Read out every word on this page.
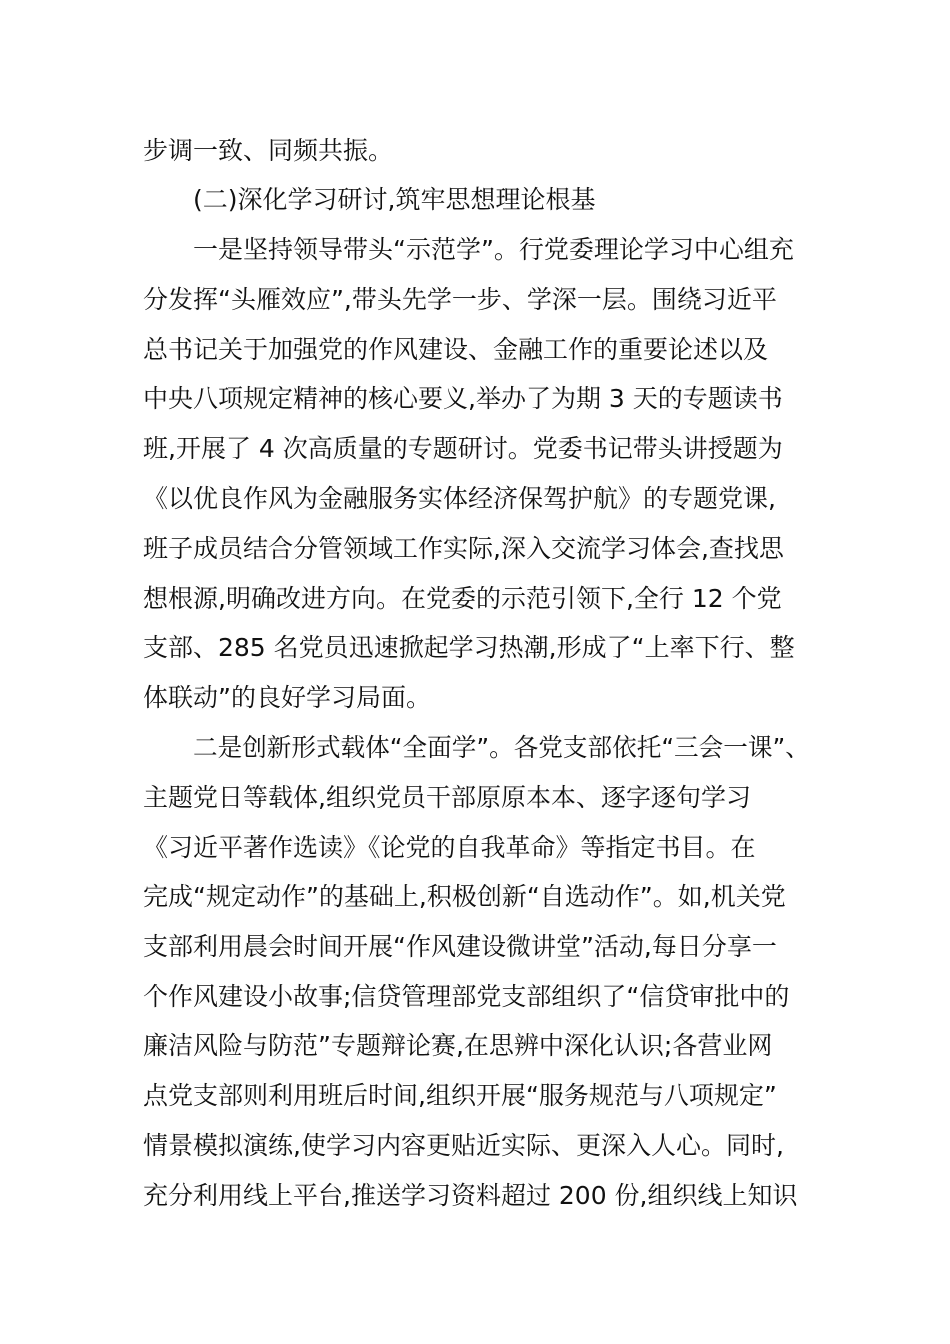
步调一致、同频共振。
(二)深化学习研讨,筑牢思想理论根基
一是坚持领导带头“示范学”。行党委理论学习中心组充
分发挥“头雁效应”,带头先学一步、学深一层。围绕习近平
总书记关于加强党的作风建设、金融工作的重要论述以及
中央八项规定精神的核心要义,举办了为期 3 天的专题读书
班,开展了 4 次高质量的专题研讨。党委书记带头讲授题为
《以优良作风为金融服务实体经济保驾护航》的专题党课,
班子成员结合分管领域工作实际,深入交流学习体会,查找思
想根源,明确改进方向。在党委的示范引领下,全行 12 个党
支部、285 名党员迅速掀起学习热潮,形成了“上率下行、整
体联动”的良好学习局面。
二是创新形式载体“全面学”。各党支部依托“三会一课”、
主题党日等载体,组织党员干部原原本本、逐字逐句学习
《习近平著作选读》《论党的自我革命》等指定书目。在
完成“规定动作”的基础上,积极创新“自选动作”。如,机关党
支部利用晨会时间开展“作风建设微讲堂”活动,每日分享一
个作风建设小故事;信贷管理部党支部组织了“信贷审批中的
廉洁风险与防范”专题辩论赛,在思辨中深化认识;各营业网
点党支部则利用班后时间,组织开展“服务规范与八项规定”
情景模拟演练,使学习内容更贴近实际、更深入人心。同时,
充分利用线上平台,推送学习资料超过 200 份,组织线上知识
